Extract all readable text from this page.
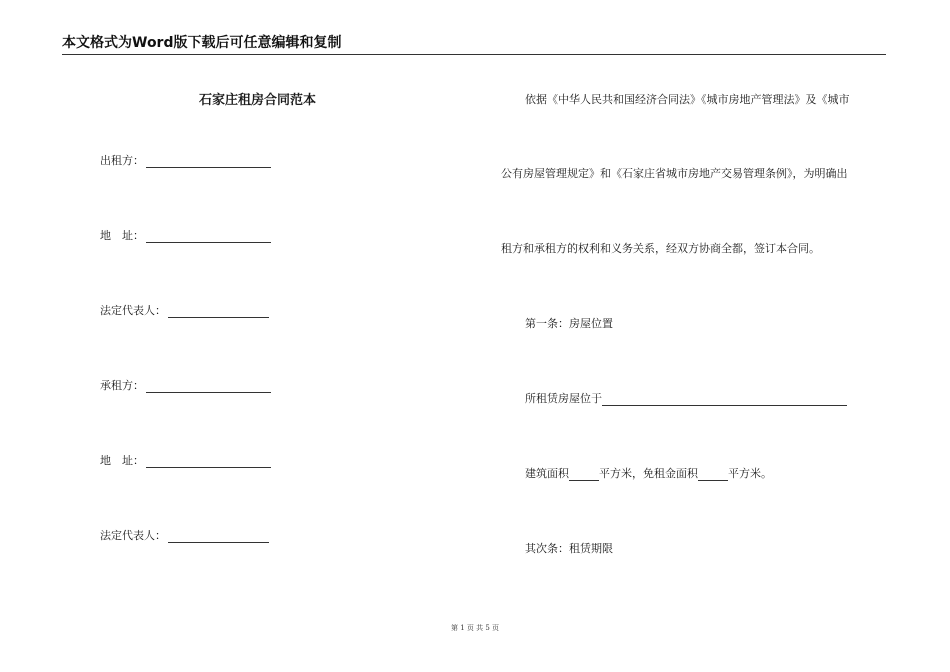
本文格式为Word版下载后可任意编辑和复制
石家庄租房合同范本
出租方：
地　址：
法定代表人：
承租方：
地　址：
法定代表人：
依据《中华人民共和国经济合同法》《城市房地产管理法》及《城市
公有房屋管理规定》和《石家庄省城市房地产交易管理条例》，为明确出
租方和承租方的权利和义务关系，经双方协商全都，签订本合同。
第一条：房屋位置
所租赁房屋位于
建筑面积	平方米，免租金面积	平方米。
其次条：租赁期限
第 1 页 共 5 页
